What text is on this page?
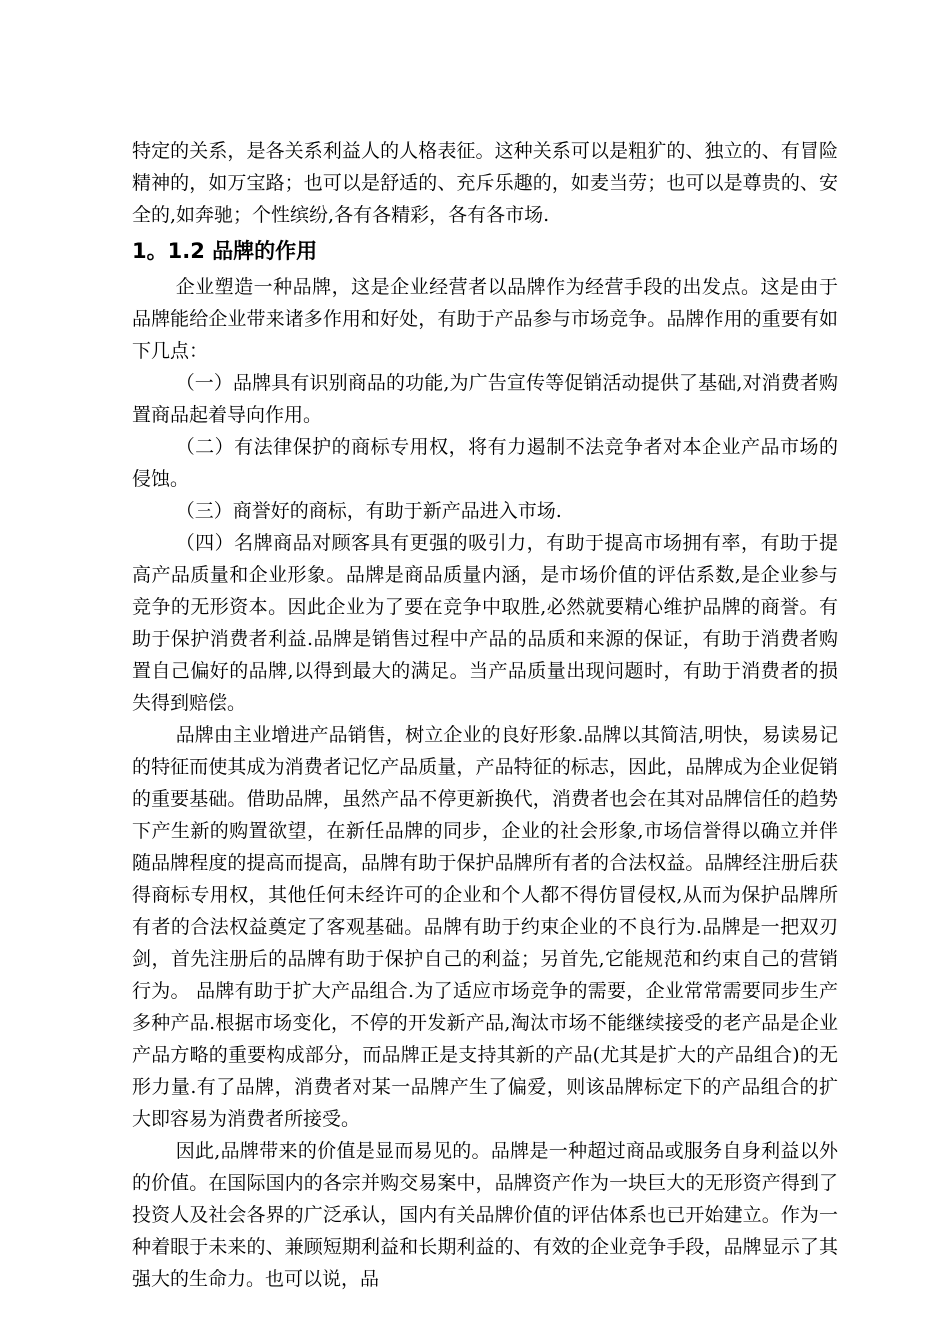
特定的关系，是各关系利益人的人格表征。这种关系可以是粗犷的、独立的、有冒险精神的，如万宝路；也可以是舒适的、充斥乐趣的，如麦当劳；也可以是尊贵的、安全的,如奔驰；个性缤纷,各有各精彩，各有各市场.

1。1.2 品牌的作用

企业塑造一种品牌，这是企业经营者以品牌作为经营手段的出发点。这是由于品牌能给企业带来诸多作用和好处，有助于产品参与市场竞争。品牌作用的重要有如下几点：

（一）品牌具有识别商品的功能,为广告宣传等促销活动提供了基础,对消费者购置商品起着导向作用。

（二）有法律保护的商标专用权，将有力遏制不法竞争者对本企业产品市场的侵蚀。

（三）商誉好的商标，有助于新产品进入市场.

（四）名牌商品对顾客具有更强的吸引力，有助于提高市场拥有率，有助于提高产品质量和企业形象。品牌是商品质量内涵，是市场价值的评估系数,是企业参与竞争的无形资本。因此企业为了要在竞争中取胜,必然就要精心维护品牌的商誉。有助于保护消费者利益.品牌是销售过程中产品的品质和来源的保证，有助于消费者购置自己偏好的品牌,以得到最大的满足。当产品质量出现问题时，有助于消费者的损失得到赔偿。

品牌由主业增进产品销售，树立企业的良好形象.品牌以其简洁,明快，易读易记的特征而使其成为消费者记忆产品质量，产品特征的标志，因此，品牌成为企业促销的重要基础。借助品牌，虽然产品不停更新换代，消费者也会在其对品牌信任的趋势下产生新的购置欲望，在新任品牌的同步，企业的社会形象,市场信誉得以确立并伴随品牌程度的提高而提高，品牌有助于保护品牌所有者的合法权益。品牌经注册后获得商标专用权，其他任何未经许可的企业和个人都不得仿冒侵权,从而为保护品牌所有者的合法权益奠定了客观基础。品牌有助于约束企业的不良行为.品牌是一把双刃剑，首先注册后的品牌有助于保护自己的利益；另首先,它能规范和约束自己的营销行为。 品牌有助于扩大产品组合.为了适应市场竞争的需要，企业常常需要同步生产多种产品.根据市场变化，不停的开发新产品,淘汰市场不能继续接受的老产品是企业产品方略的重要构成部分，而品牌正是支持其新的产品(尤其是扩大的产品组合)的无形力量.有了品牌，消费者对某一品牌产生了偏爱，则该品牌标定下的产品组合的扩大即容易为消费者所接受。

因此,品牌带来的价值是显而易见的。品牌是一种超过商品或服务自身利益以外的价值。在国际国内的各宗并购交易案中，品牌资产作为一块巨大的无形资产得到了投资人及社会各界的广泛承认，国内有关品牌价值的评估体系也已开始建立。作为一种着眼于未来的、兼顾短期利益和长期利益的、有效的企业竞争手段，品牌显示了其强大的生命力。也可以说，品
